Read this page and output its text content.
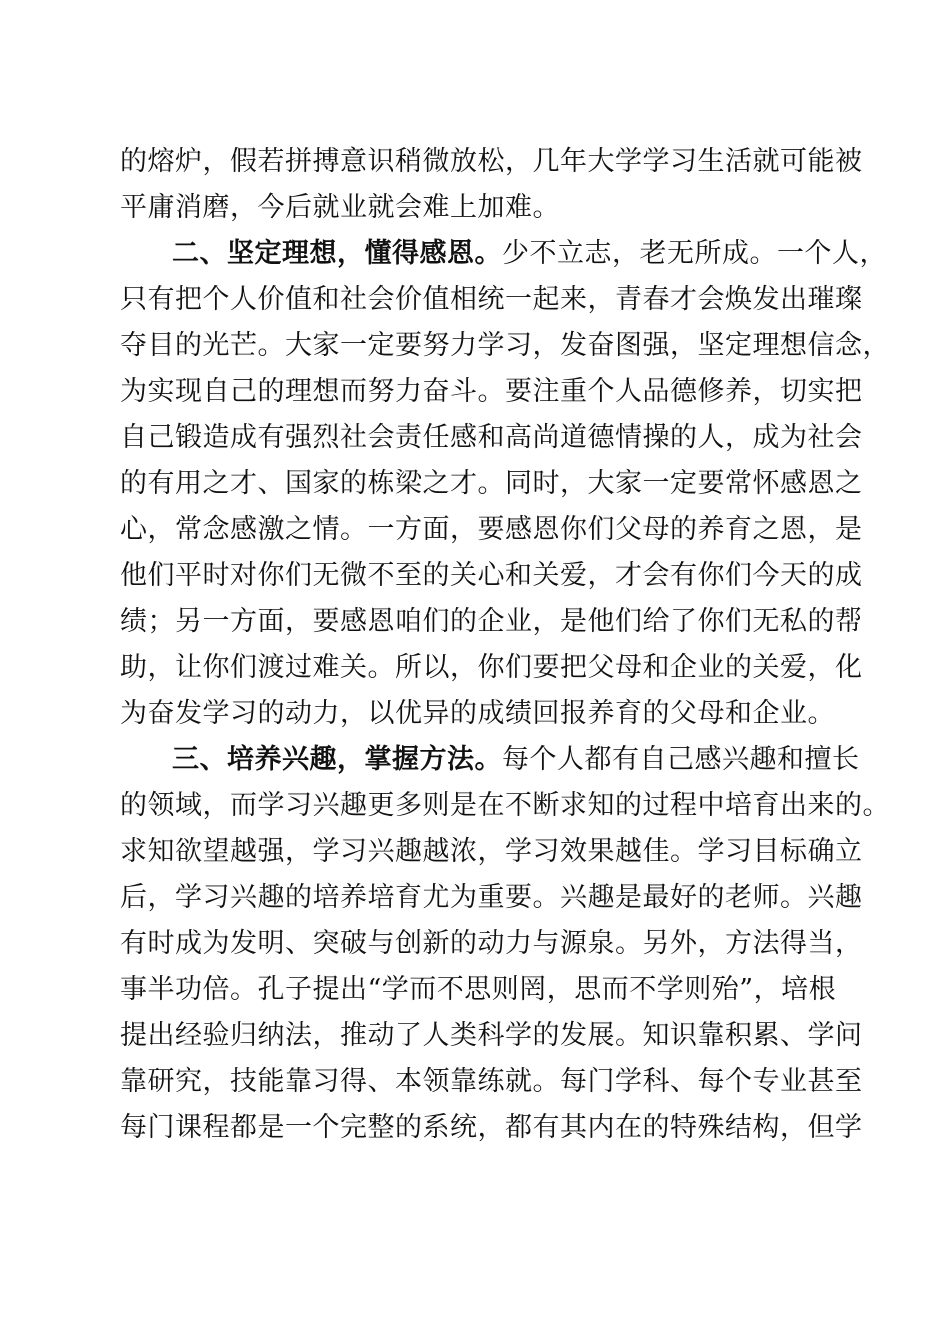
的熔炉，假若拼搏意识稍微放松，几年大学学习生活就可能被
平庸消磨，今后就业就会难上加难。
二、坚定理想，懂得感恩。少不立志，老无所成。一个人，
只有把个人价值和社会价值相统一起来，青春才会焕发出璀璨
夺目的光芒。大家一定要努力学习，发奋图强，坚定理想信念，
为实现自己的理想而努力奋斗。要注重个人品德修养，切实把
自己锻造成有强烈社会责任感和高尚道德情操的人，成为社会
的有用之才、国家的栋梁之才。同时，大家一定要常怀感恩之
心，常念感激之情。一方面，要感恩你们父母的养育之恩，是
他们平时对你们无微不至的关心和关爱，才会有你们今天的成
绩；另一方面，要感恩咱们的企业，是他们给了你们无私的帮
助，让你们渡过难关。所以，你们要把父母和企业的关爱，化
为奋发学习的动力，以优异的成绩回报养育的父母和企业。
三、培养兴趣，掌握方法。每个人都有自己感兴趣和擅长
的领域，而学习兴趣更多则是在不断求知的过程中培育出来的。
求知欲望越强，学习兴趣越浓，学习效果越佳。学习目标确立
后，学习兴趣的培养培育尤为重要。兴趣是最好的老师。兴趣
有时成为发明、突破与创新的动力与源泉。另外，方法得当，
事半功倍。孔子提出“学而不思则罔，思而不学则殆”，培根
提出经验归纳法，推动了人类科学的发展。知识靠积累、学问
靠研究，技能靠习得、本领靠练就。每门学科、每个专业甚至
每门课程都是一个完整的系统，都有其内在的特殊结构，但学
